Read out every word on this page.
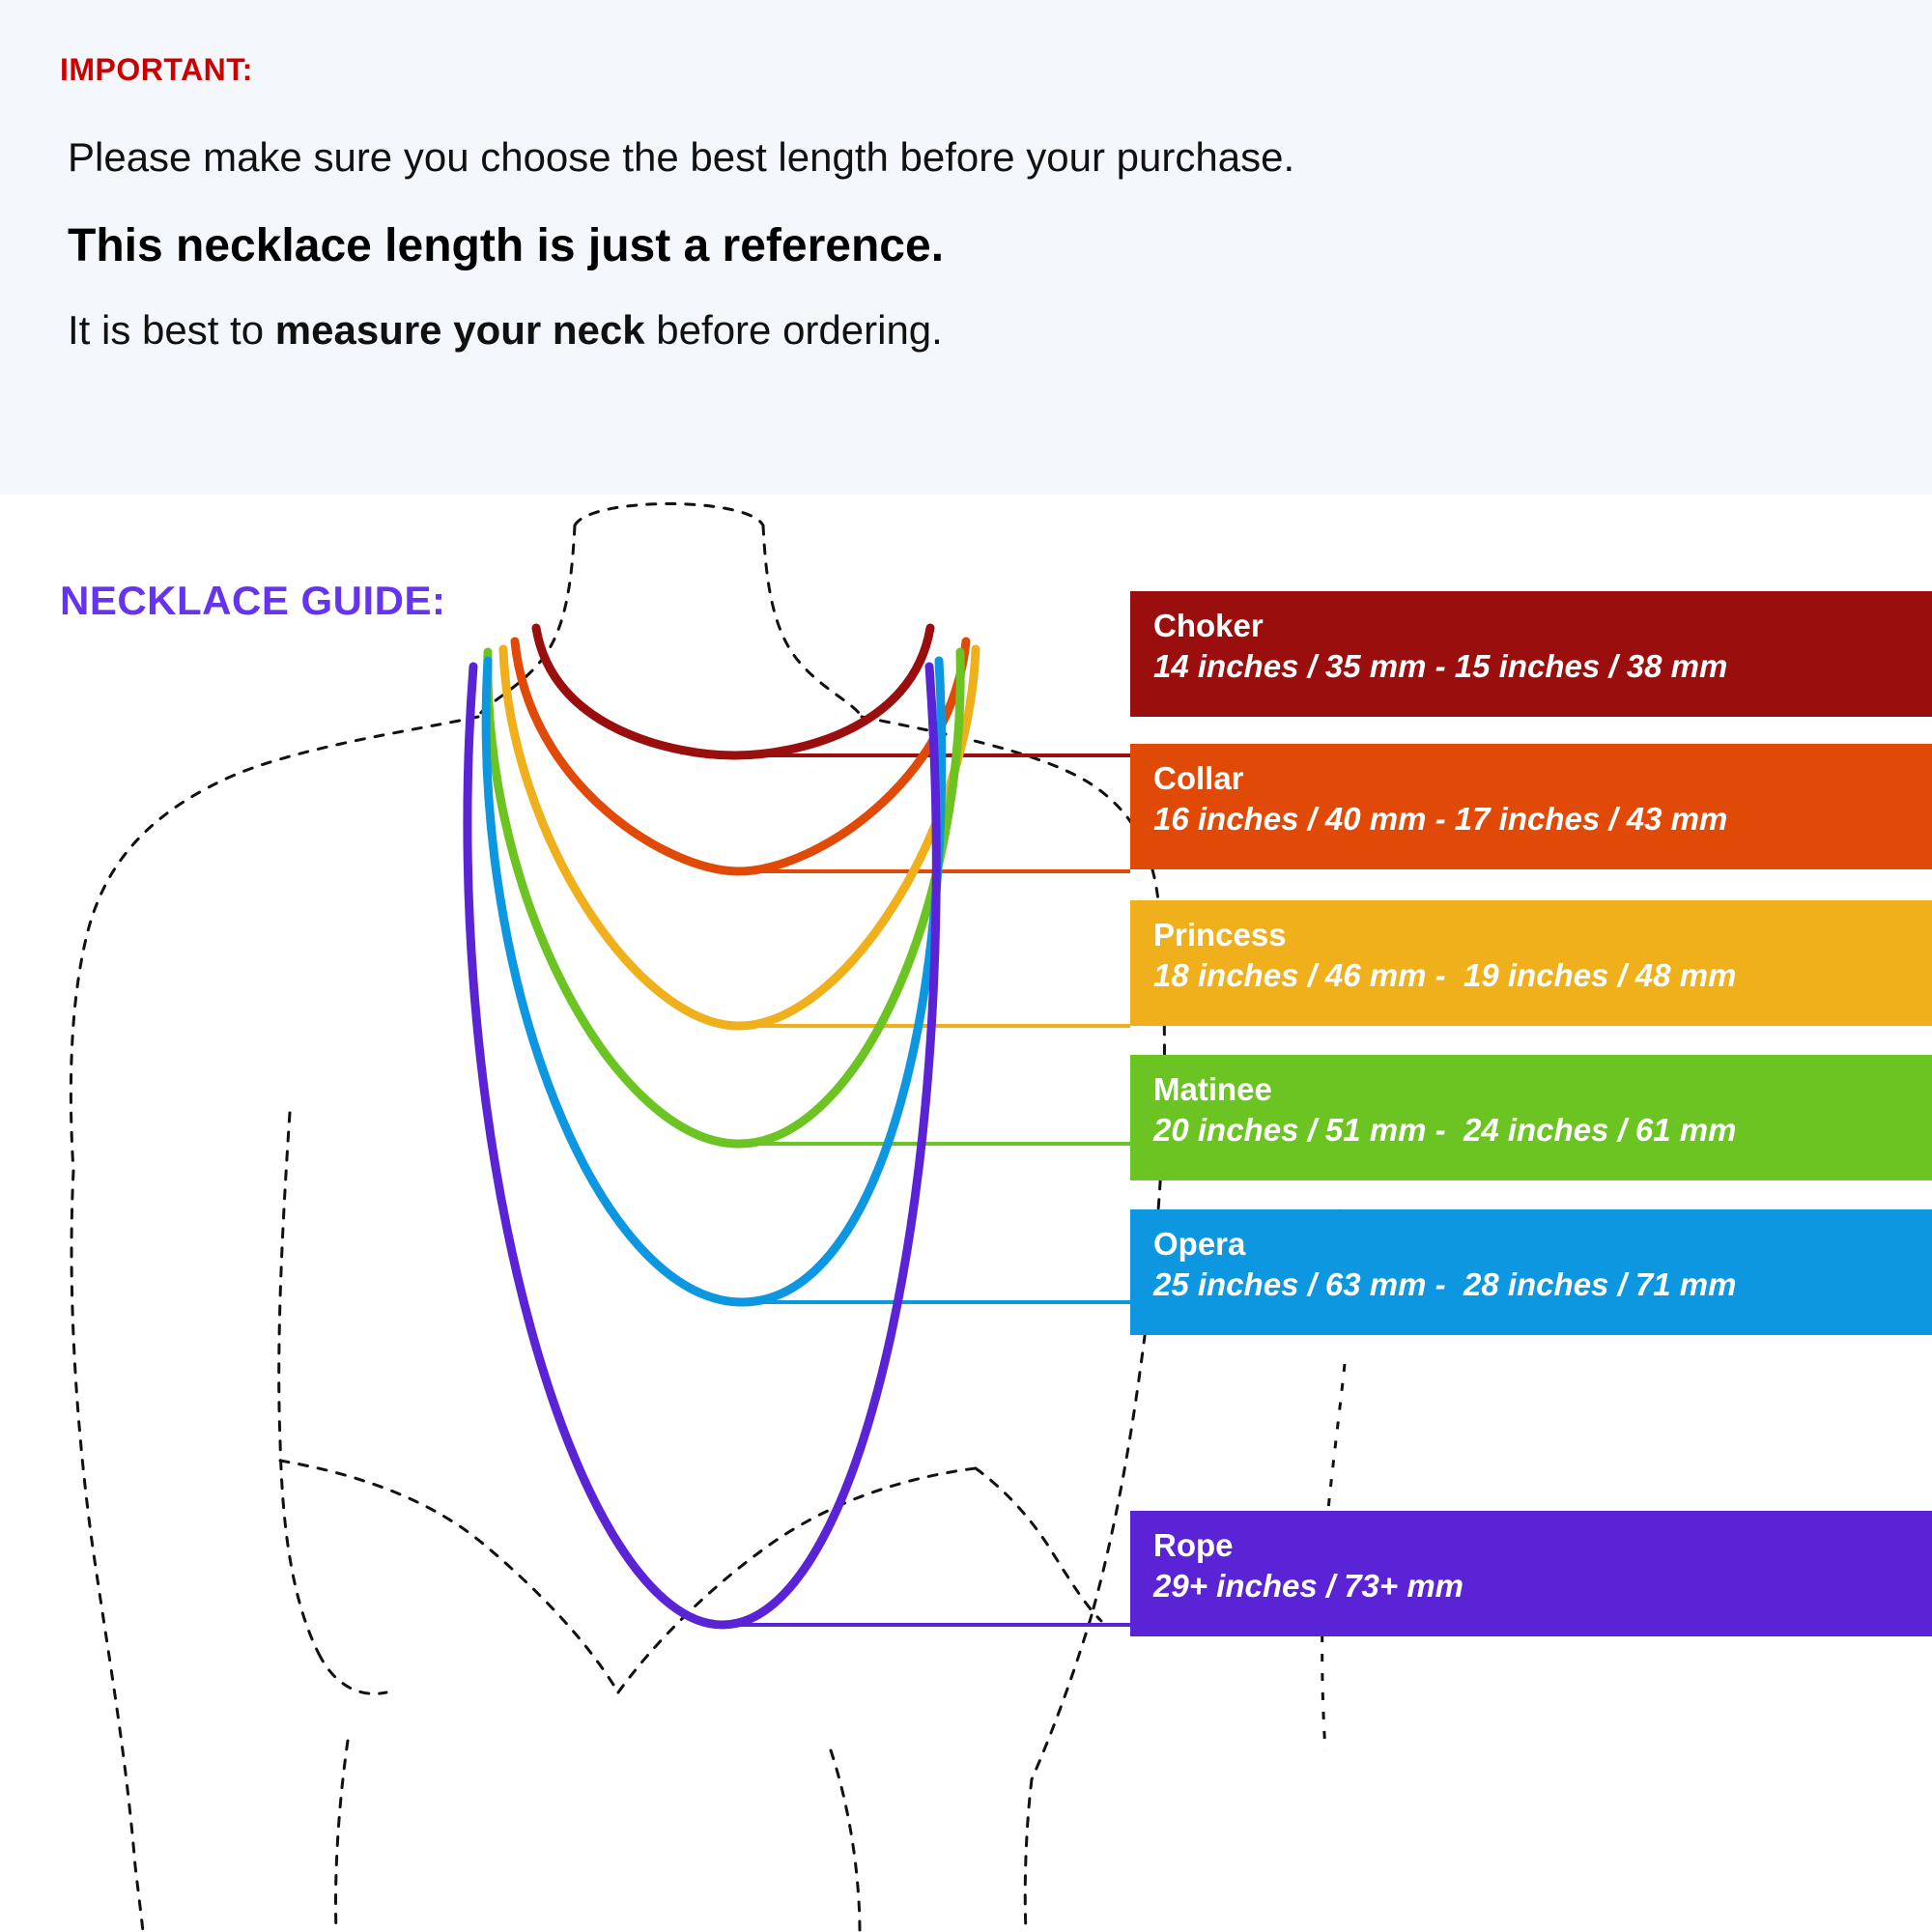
IMPORTANT:
Please make sure you choose the best length before your purchase.
This necklace length is just a reference.
It is best to measure your neck before ordering.
NECKLACE GUIDE:
Choker
14 inches / 35 mm - 15 inches / 38 mm
Collar
16 inches / 40 mm - 17 inches / 43 mm
Princess
18 inches / 46 mm -  19 inches / 48 mm
Matinee
20 inches / 51 mm -  24 inches / 61 mm
Opera
25 inches / 63 mm -  28 inches / 71 mm
Rope
29+ inches / 73+ mm
